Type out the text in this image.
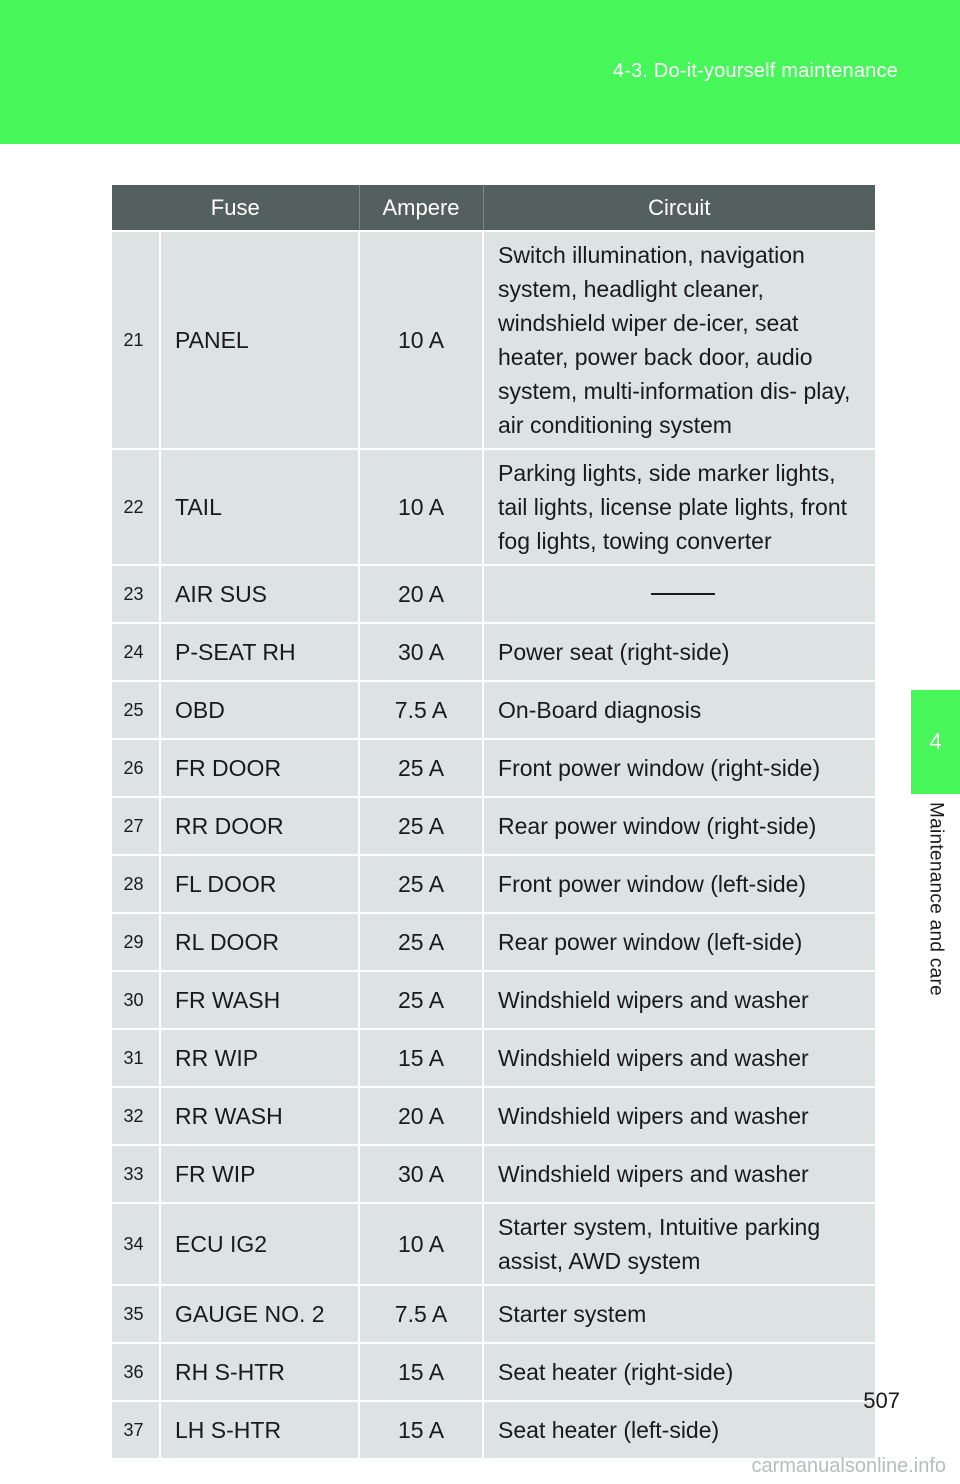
4-3. Do-it-yourself maintenance
4
Maintenance and care
Fuse		Ampere	Circuit
21	PANEL	10 A	Switch illumination, navigation system, headlight cleaner, windshield wiper de-icer, seat heater, power back door, audio system, multi-information dis- play, air conditioning system
22	TAIL	10 A	Parking lights, side marker lights, tail lights, license plate lights, front fog lights, towing converter
23	AIR SUS	20 A	

24	P-SEAT RH	30 A	Power seat (right-side)
25	OBD	7.5 A	On-Board diagnosis
26	FR DOOR	25 A	Front power window (right-side)
27	RR DOOR	25 A	Rear power window (right-side)
28	FL DOOR	25 A	Front power window (left-side)
29	RL DOOR	25 A	Rear power window (left-side)
30	FR WASH	25 A	Windshield wipers and washer
31	RR WIP	15 A	Windshield wipers and washer
32	RR WASH	20 A	Windshield wipers and washer
33	FR WIP	30 A	Windshield wipers and washer
34	ECU IG2	10 A	Starter system, Intuitive parking assist, AWD system
35	GAUGE NO. 2	7.5 A	Starter system
36	RH S-HTR	15 A	Seat heater (right-side)
37	LH S-HTR	15 A	Seat heater (left-side)
507
carmanualsonline.info
